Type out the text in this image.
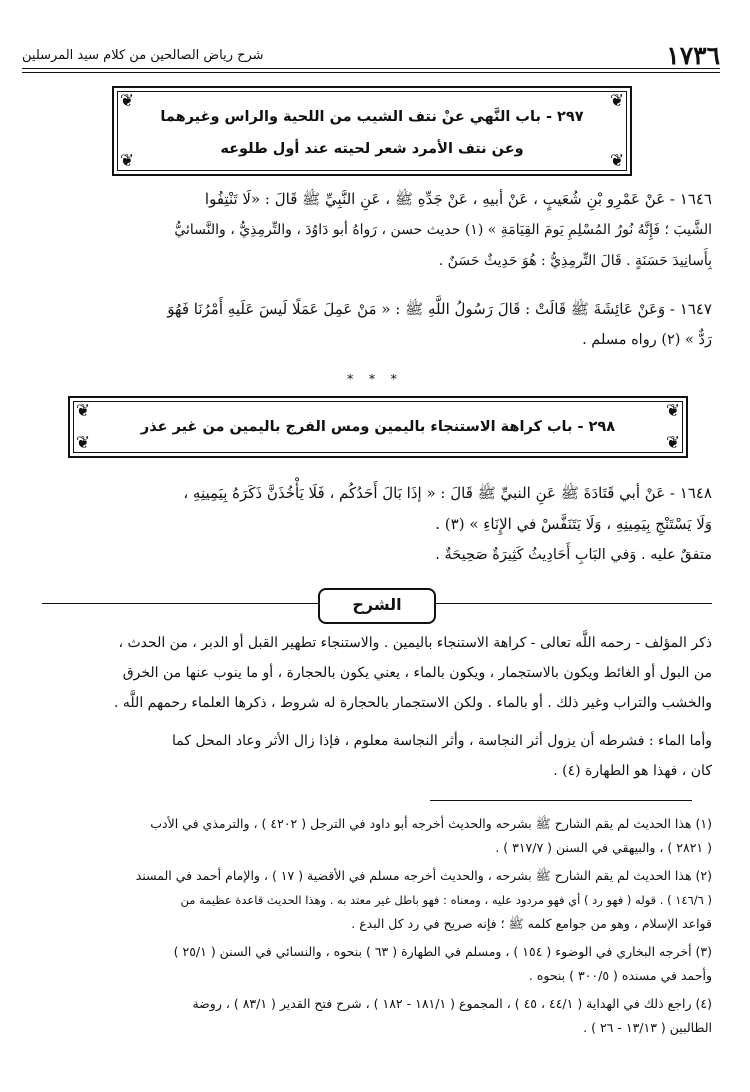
شرح رياض الصالحين من كلام سيد المرسلين	١٧٣٦
❦	❦
❦	❦
٢٩٧ - باب النَّهي عنْ نتف الشيب من اللحية والراس وغيرهما
وعن نتف الأمرد شعر لحيته عند أول طلوعه
١٦٤٦ - عَنْ عَمْرِو بْنِ شُعَيبٍ ، عَنْ أبيهِ ، عَنْ جَدِّهِ ﷺ ، عَنِ النَّبِيِّ ﷺ قَالَ : «لَا تَنْتِفُوا
الشَّيبَ ؛ فَإِنَّهُ نُورُ المُسْلِمِ يَومَ القِيَامَةِ » (١) حديث حسن ، رَواهُ أبو دَاوُدَ ، والتِّرمِذِيُّ ، والنَّسائيُّ
بِأَسانِيدَ حَسَنَةٍ . قَالَ التِّرمِذِيُّ : هُوَ حَدِيثٌ حَسَنٌ .
١٦٤٧ - وَعَنْ عَائِشَةَ ﷺ قَالَتْ : قَالَ رَسُولُ اللَّهِ ﷺ : « مَنْ عَمِلَ عَمَلًا لَيسَ عَلَيهِ أَمْرُنَا فَهُوَ
رَدٌّ » (٢) رواه مسلم .
* * *
❦	❦
❦	❦
٢٩٨ - باب كراهة الاستنجاء باليمين ومس الفرج باليمين من غير عذر
١٦٤٨ - عَنْ أبي قَتَادَةَ ﷺ عَنِ النبيِّ ﷺ قَالَ : « إذَا بَالَ أَحَدُكُم ، فَلَا يَأْخُذَنَّ ذَكَرَهُ بِيَمِينِهِ ،
وَلَا يَسْتَنْجِ بِيَمِينِهِ ، وَلَا يَتَنَفَّسْ في الإِنَاءِ » (٣) .
متفقٌ عليه . وَفي البَابِ أَحَادِيثُ كَثِيرَةٌ صَحِيحَةٌ .
الشرح
ذكر المؤلف - رحمه اللَّه تعالى - كراهة الاستنجاء باليمين . والاستنجاء تطهير القبل أو الدبر ، من الحدث ،
من البول أو الغائط ويكون بالاستجمار ، ويكون بالماء ، يعني يكون بالحجارة ، أو ما ينوب عنها من الخرق
والخشب والتراب وغير ذلك . أو بالماء . ولكن الاستجمار بالحجارة له شروط ، ذكرها العلماء رحمهم اللَّه .
وأما الماء : فشرطه أن يزول أثر النجاسة ، وأثر النجاسة معلوم ، فإذا زال الأثر وعاد المحل كما
كان ، فهذا هو الطهارة (٤) .
(١) هذا الحديث لم يقم الشارح ﷺ بشرحه والحديث أخرجه أبو داود في الترجل ( ٤٢٠٢ ) ، والترمذي في الأدب
( ٢٨٢١ ) ، والبيهقي في السنن ( ٣١٧/٧ ) .
(٢) هذا الحديث لم يقم الشارح ﷺ بشرحه ، والحديث أخرجه مسلم في الأقضية ( ١٧ ) ، والإمام أحمد في المسند
( ١٤٦/٦ ) . قوله ( فهو رد ) أي فهو مردود عليه ، ومعناه : فهو باطل غير معتد به . وهذا الحديث قاعدة عظيمة من
قواعد الإسلام ، وهو من جوامع كلمه ﷺ ؛ فإنه صريح في رد كل البدع .
(٣) أخرجه البخاري في الوضوء ( ١٥٤ ) ، ومسلم في الطهارة ( ٦٣ ) بنحوه ، والنسائي في السنن ( ٢٥/١ )
وأحمد في مسنده ( ٣٠٠/٥ ) بنحوه .
(٤) راجع ذلك في الهداية ( ٤٤/١ ، ٤٥ ) ، المجموع ( ١٨١/١ - ١٨٢ ) ، شرح فتح القدير ( ٨٣/١ ) ، روضة
الطالبين ( ١٣/١٣ - ٢٦ ) .
